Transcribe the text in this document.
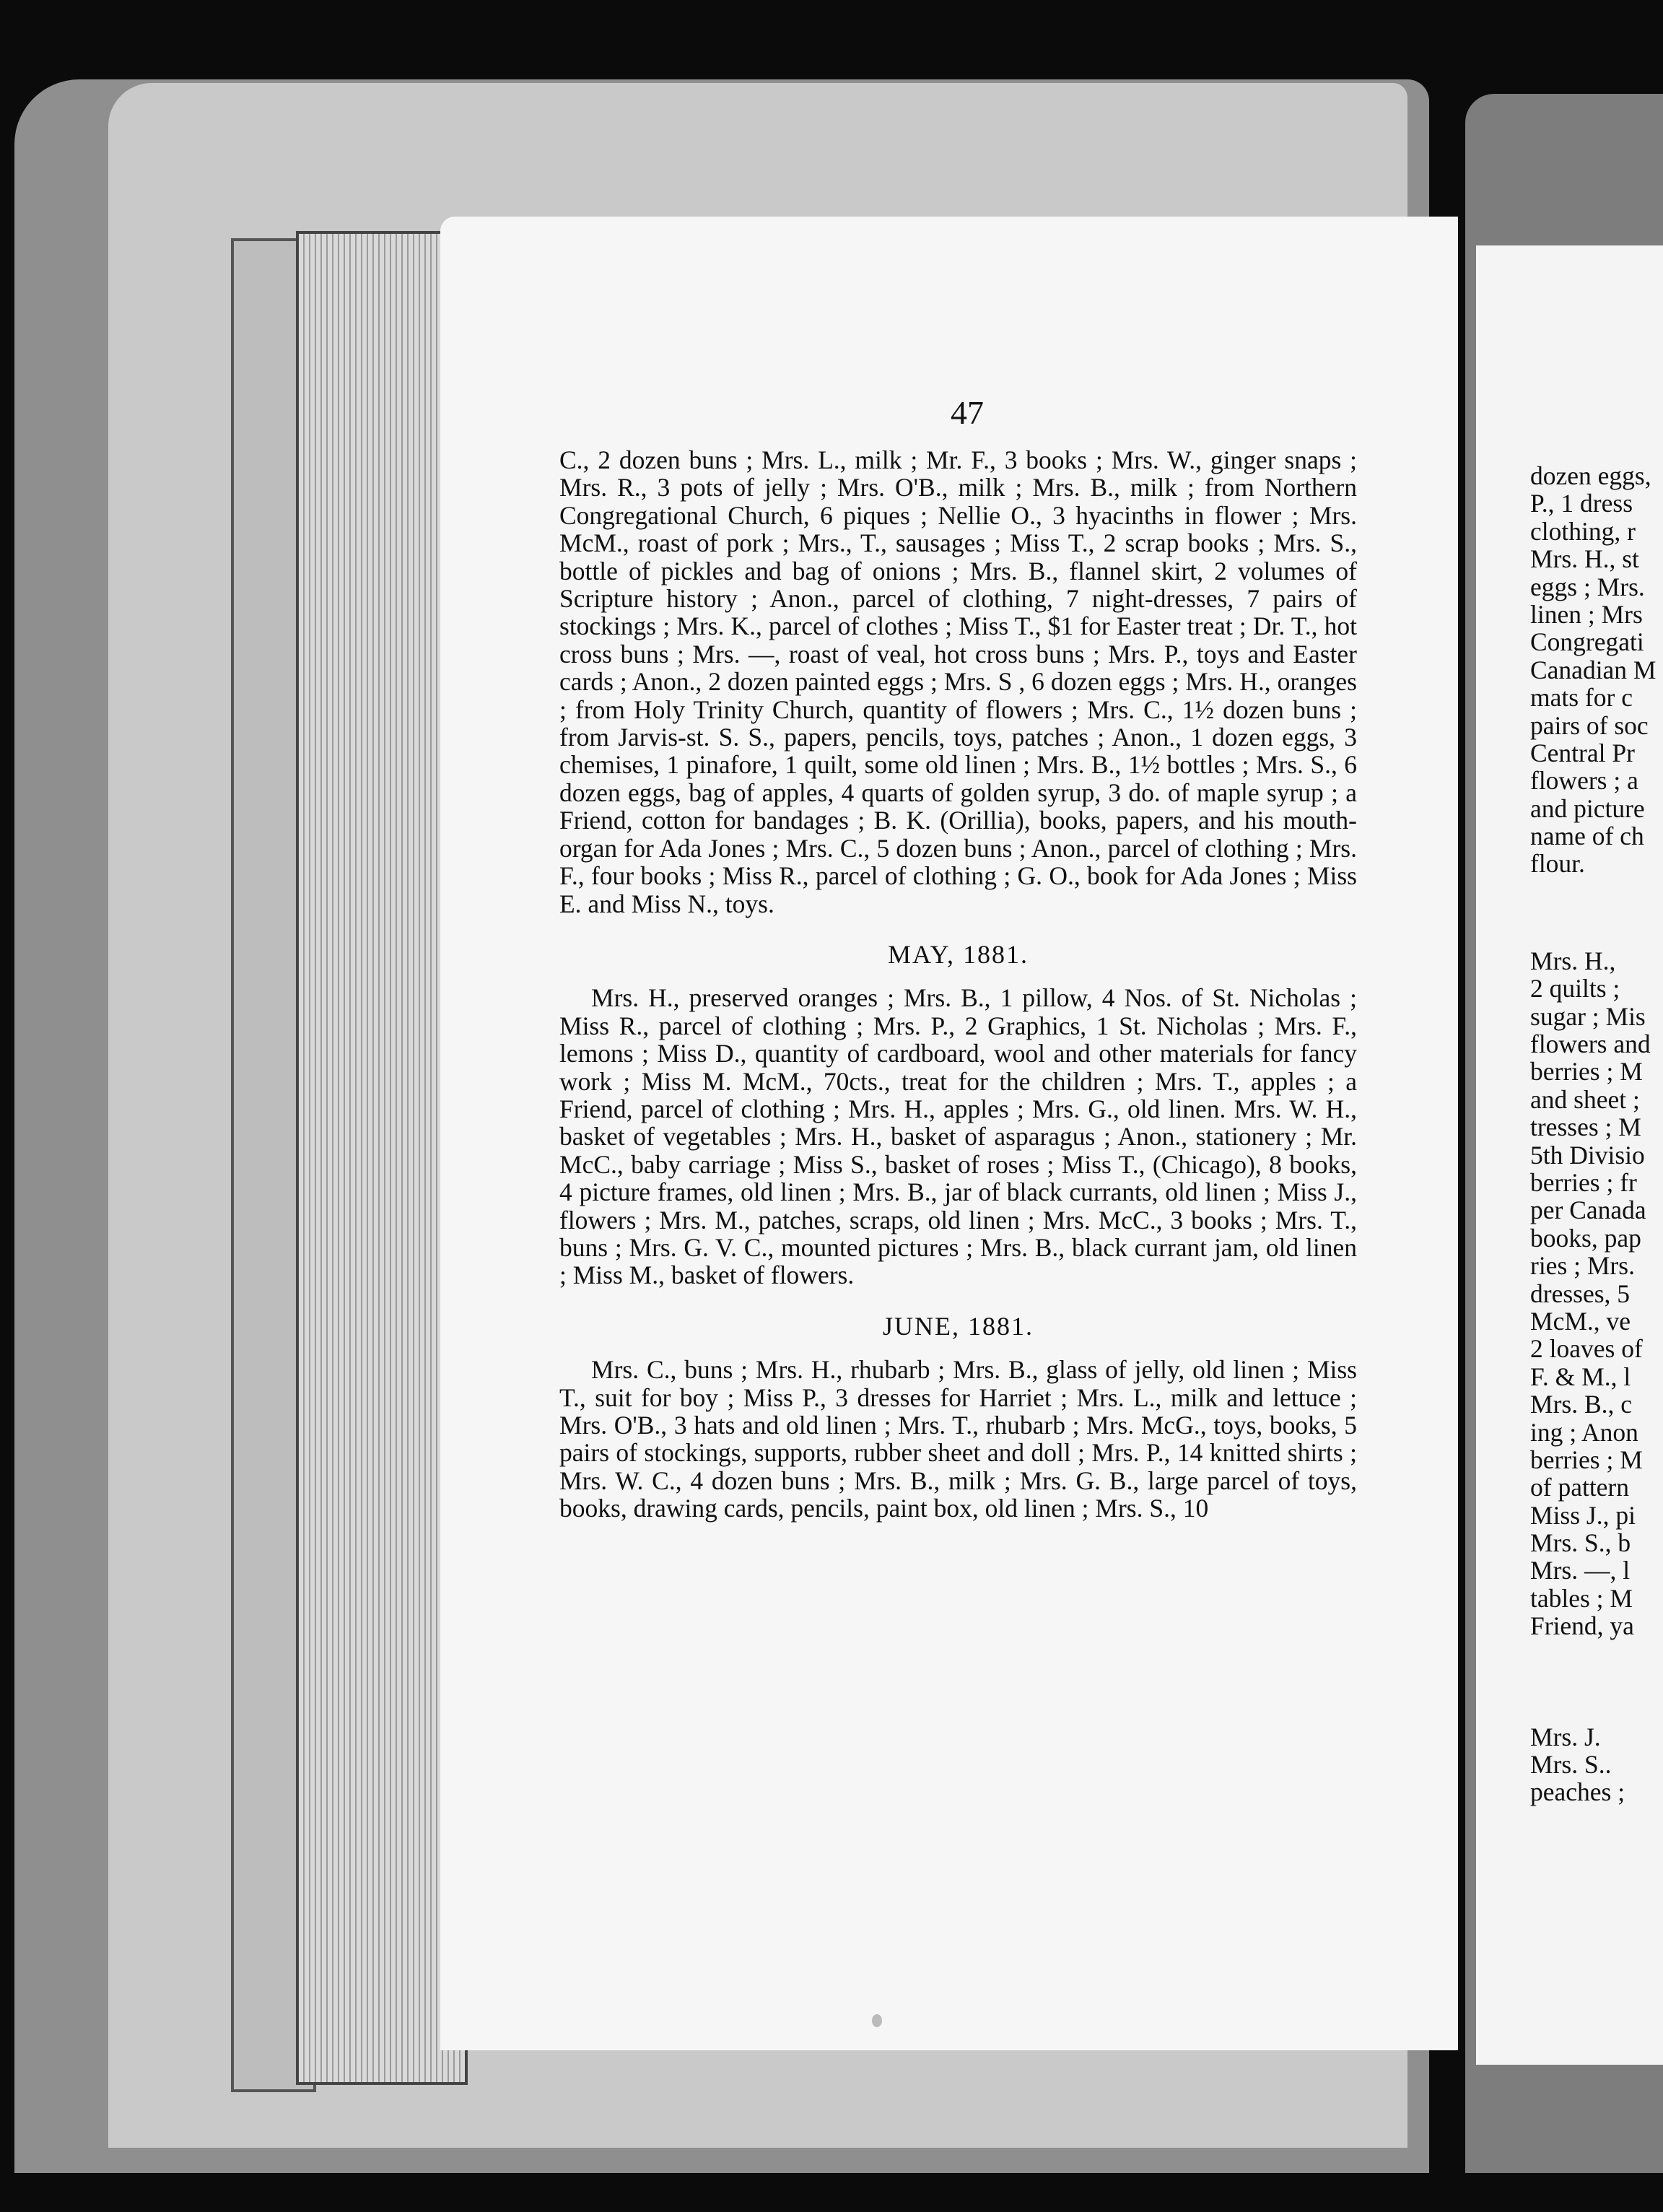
47

C., 2 dozen buns ; Mrs. L., milk ; Mr. F., 3 books ; Mrs. W., ginger snaps ; Mrs. R., 3 pots of jelly ; Mrs. O'B., milk ; Mrs. B., milk ; from Northern Congregational Church, 6 piques ; Nellie O., 3 hyacinths in flower ; Mrs. McM., roast of pork ; Mrs., T., sausages ; Miss T., 2 scrap books ; Mrs. S., bottle of pickles and bag of onions ; Mrs. B., flannel skirt, 2 volumes of Scripture history ; Anon., parcel of clothing, 7 night-dresses, 7 pairs of stockings ; Mrs. K., parcel of clothes ; Miss T., $1 for Easter treat ; Dr. T., hot cross buns ; Mrs. —, roast of veal, hot cross buns ; Mrs. P., toys and Easter cards ; Anon., 2 dozen painted eggs ; Mrs. S , 6 dozen eggs ; Mrs. H., oranges ; from Holy Trinity Church, quantity of flowers ; Mrs. C., 1½ dozen buns ; from Jarvis-st. S. S., papers, pencils, toys, patches ; Anon., 1 dozen eggs, 3 chemises, 1 pinafore, 1 quilt, some old linen ; Mrs. B., 1½ bottles ; Mrs. S., 6 dozen eggs, bag of apples, 4 quarts of golden syrup, 3 do. of maple syrup ; a Friend, cotton for bandages ; B. K. (Orillia), books, papers, and his mouth-organ for Ada Jones ; Mrs. C., 5 dozen buns ; Anon., parcel of clothing ; Mrs. F., four books ; Miss R., parcel of clothing ; G. O., book for Ada Jones ; Miss E. and Miss N., toys.

MAY, 1881.

Mrs. H., preserved oranges ; Mrs. B., 1 pillow, 4 Nos. of St. Nicholas ; Miss R., parcel of clothing ; Mrs. P., 2 Graphics, 1 St. Nicholas ; Mrs. F., lemons ; Miss D., quantity of cardboard, wool and other materials for fancy work ; Miss M. McM., 70cts., treat for the children ; Mrs. T., apples ; a Friend, parcel of clothing ; Mrs. H., apples ; Mrs. G., old linen. Mrs. W. H., basket of vegetables ; Mrs. H., basket of asparagus ; Anon., stationery ; Mr. McC., baby carriage ; Miss S., basket of roses ; Miss T., (Chicago), 8 books, 4 picture frames, old linen ; Mrs. B., jar of black currants, old linen ; Miss J., flowers ; Mrs. M., patches, scraps, old linen ; Mrs. McC., 3 books ; Mrs. T., buns ; Mrs. G. V. C., mounted pictures ; Mrs. B., black currant jam, old linen ; Miss M., basket of flowers.

JUNE, 1881.

Mrs. C., buns ; Mrs. H., rhubarb ; Mrs. B., glass of jelly, old linen ; Miss T., suit for boy ; Miss P., 3 dresses for Harriet ; Mrs. L., milk and lettuce ; Mrs. O'B., 3 hats and old linen ; Mrs. T., rhubarb ; Mrs. McG., toys, books, 5 pairs of stockings, supports, rubber sheet and doll ; Mrs. P., 14 knitted shirts ; Mrs. W. C., 4 dozen buns ; Mrs. B., milk ; Mrs. G. B., large parcel of toys, books, drawing cards, pencils, paint box, old linen ; Mrs. S., 10

dozen eggs,
P., 1 dress
clothing, r
Mrs. H., st
eggs ; Mrs.
linen ; Mrs
Congregati
Canadian M
mats for c
pairs of soc
Central Pr
flowers ; a
and picture
name of ch
flour.
Mrs. H.,
2 quilts ;
sugar ; Mis
flowers and
berries ; M
and sheet ;
tresses ; M
5th Divisio
berries ; fr
per Canada
books, pap
ries ; Mrs.
dresses, 5
McM., ve
2 loaves of
F. & M., l
Mrs. B., c
ing ; Anon
berries ; M
of pattern
Miss J., pi
Mrs. S., b
Mrs. —, l
tables ; M
Friend, ya
Mrs. J.
Mrs. S..
peaches ;
